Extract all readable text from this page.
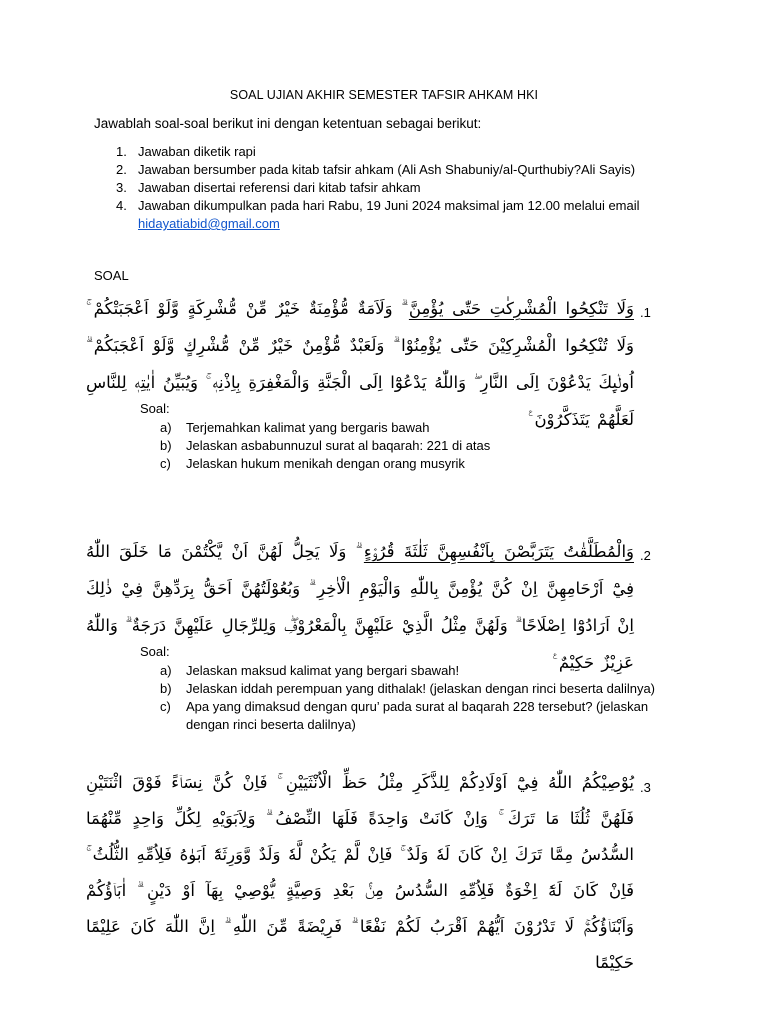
SOAL UJIAN AKHIR SEMESTER TAFSIR AHKAM HKI
Jawablah soal-soal berikut ini dengan ketentuan sebagai berikut:
1. Jawaban diketik rapi
2. Jawaban bersumber pada kitab tafsir ahkam (Ali Ash Shabuniy/al-Qurthubiy?Ali Sayis)
3. Jawaban disertai referensi dari kitab tafsir ahkam
4. Jawaban dikumpulkan pada hari Rabu, 19 Juni 2024 maksimal jam 12.00 melalui email
hidayatiabid@gmail.com
SOAL
.1
وَلَا تَنْكِحُوا الْمُشْرِكٰتِ حَتّٰى يُؤْمِنَّ ۗ وَلَاَمَةٌ مُّؤْمِنَةٌ خَيْرٌ مِّنْ مُّشْرِكَةٍ وَّلَوْ اَعْجَبَتْكُمْ ۚ وَلَا تُنْكِحُوا الْمُشْرِكِيْنَ حَتّٰى يُؤْمِنُوْا ۗ وَلَعَبْدٌ مُّؤْمِنٌ خَيْرٌ مِّنْ مُّشْرِكٍ وَّلَوْ اَعْجَبَكُمْ ۗ اُولٰۤىِٕكَ يَدْعُوْنَ اِلَى النَّارِ ۖ وَاللّٰهُ يَدْعُوْٓا اِلَى الْجَنَّةِ وَالْمَغْفِرَةِ بِاِذْنِهٖ ۚ وَيُبَيِّنُ اٰيٰتِهٖ لِلنَّاسِ لَعَلَّهُمْ يَتَذَكَّرُوْنَ ࣖ
Soal:
a)	Terjemahkan kalimat yang bergaris bawah
b)	Jelaskan asbabunnuzul surat al baqarah: 221 di atas
c)	Jelaskan hukum menikah dengan orang musyrik
.2
وَالْمُطَلَّقٰتُ يَتَرَبَّصْنَ بِاَنْفُسِهِنَّ ثَلٰثَةَ قُرُوْۤءٍ ۗ وَلَا يَحِلُّ لَهُنَّ اَنْ يَّكْتُمْنَ مَا خَلَقَ اللّٰهُ فِيْٓ اَرْحَامِهِنَّ اِنْ كُنَّ يُؤْمِنَّ بِاللّٰهِ وَالْيَوْمِ الْاٰخِرِ ۗ وَبُعُوْلَتُهُنَّ اَحَقُّ بِرَدِّهِنَّ فِيْ ذٰلِكَ اِنْ اَرَادُوْٓا اِصْلَاحًا ۗ وَلَهُنَّ مِثْلُ الَّذِيْ عَلَيْهِنَّ بِالْمَعْرُوْفِۖ وَلِلرِّجَالِ عَلَيْهِنَّ دَرَجَةٌ ۗ وَاللّٰهُ عَزِيْزٌ حَكِيْمٌ ࣖ
Soal:
a)	Jelaskan maksud kalimat yang bergari sbawah!
b)	Jelaskan iddah perempuan yang dithalak! (jelaskan dengan rinci beserta dalilnya)
c)	Apa yang dimaksud dengan quru’ pada surat al baqarah 228 tersebut? (jelaskan dengan rinci beserta dalilnya)
.3
يُوْصِيْكُمُ اللّٰهُ فِيْٓ اَوْلَادِكُمْ لِلذَّكَرِ مِثْلُ حَظِّ الْاُنْثَيَيْنِ ۚ فَاِنْ كُنَّ نِسَاۤءً فَوْقَ اثْنَتَيْنِ فَلَهُنَّ ثُلُثَا مَا تَرَكَ ۚ وَاِنْ كَانَتْ وَاحِدَةً فَلَهَا النِّصْفُ ۗ وَلِاَبَوَيْهِ لِكُلِّ وَاحِدٍ مِّنْهُمَا السُّدُسُ مِمَّا تَرَكَ اِنْ كَانَ لَهٗ وَلَدٌ ۚ فَاِنْ لَّمْ يَكُنْ لَّهٗ وَلَدٌ وَّوَرِثَهٗٓ اَبَوٰهُ فَلِاُمِّهِ الثُّلُثُ ۚ فَاِنْ كَانَ لَهٗٓ اِخْوَةٌ فَلِاُمِّهِ السُّدُسُ مِنْۢ بَعْدِ وَصِيَّةٍ يُّوْصِيْ بِهَآ اَوْ دَيْنٍ ۗ اٰبَاۤؤُكُمْ وَاَبْنَاۤؤُكُمْۚ لَا تَدْرُوْنَ اَيُّهُمْ اَقْرَبُ لَكُمْ نَفْعًا ۗ فَرِيْضَةً مِّنَ اللّٰهِ ۗ اِنَّ اللّٰهَ كَانَ عَلِيْمًا حَكِيْمًا
